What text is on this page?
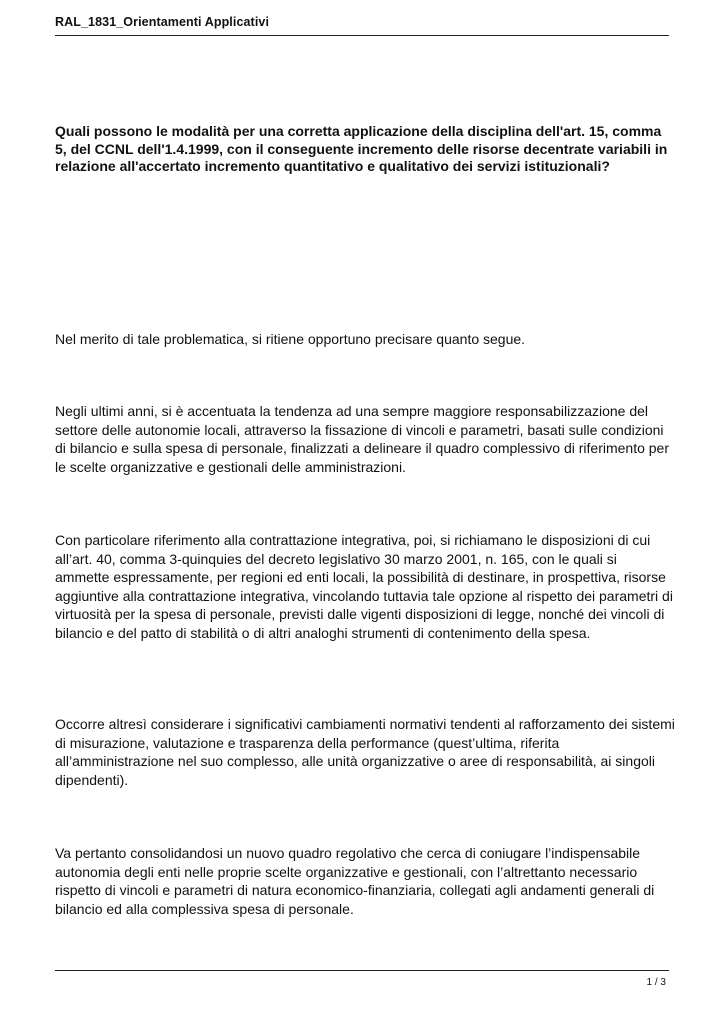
RAL_1831_Orientamenti Applicativi
Quali possono le modalità per una corretta applicazione della disciplina dell'art. 15, comma 5, del CCNL dell'1.4.1999, con il conseguente incremento delle risorse decentrate variabili in relazione all'accertato incremento quantitativo e qualitativo dei servizi istituzionali?
Nel merito di tale problematica, si ritiene opportuno precisare quanto segue.
Negli ultimi anni, si è accentuata la tendenza ad una sempre maggiore responsabilizzazione del settore delle autonomie locali, attraverso la fissazione di vincoli e parametri, basati sulle condizioni di bilancio e sulla spesa di personale, finalizzati a delineare il quadro complessivo di riferimento per le scelte organizzative e gestionali delle amministrazioni.
Con particolare riferimento alla contrattazione integrativa, poi, si richiamano le disposizioni di cui all’art. 40, comma 3-quinquies del decreto legislativo 30 marzo 2001, n. 165, con le quali si ammette espressamente, per regioni ed enti locali, la possibilità di destinare, in prospettiva, risorse aggiuntive alla contrattazione integrativa, vincolando tuttavia tale opzione al rispetto dei parametri di virtuosità per la spesa di personale, previsti dalle vigenti disposizioni di legge, nonché dei vincoli di bilancio e del patto di stabilità o di altri analoghi strumenti di contenimento della spesa.
Occorre altresì considerare i significativi cambiamenti normativi tendenti al rafforzamento dei sistemi di misurazione, valutazione e trasparenza della performance (quest’ultima, riferita all’amministrazione nel suo complesso, alle unità organizzative o aree di responsabilità, ai singoli dipendenti).
Va pertanto consolidandosi un nuovo quadro regolativo che cerca di coniugare l’indispensabile autonomia degli enti nelle proprie scelte organizzative e gestionali, con l’altrettanto necessario rispetto di vincoli e parametri di natura economico-finanziaria, collegati agli andamenti generali di bilancio ed alla complessiva spesa di personale.
1 / 3
